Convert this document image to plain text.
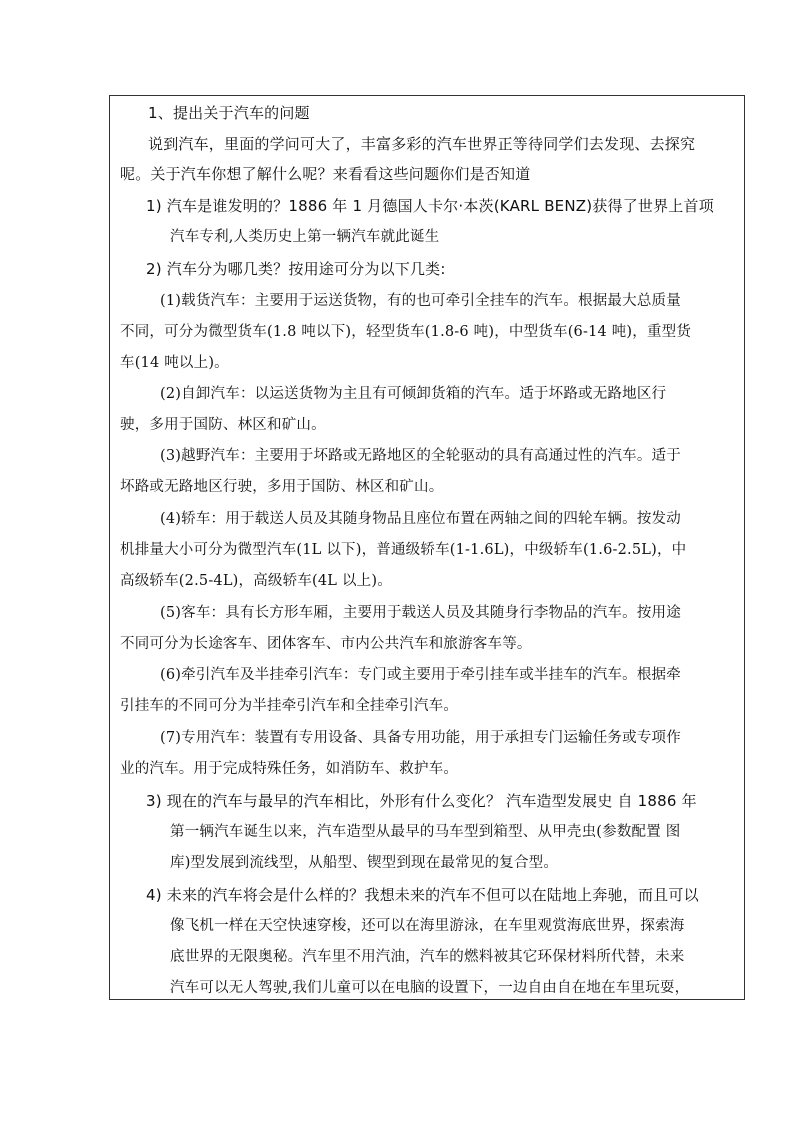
1、提出关于汽车的问题
说到汽车，里面的学问可大了，丰富多彩的汽车世界正等待同学们去发现、去探究
呢。关于汽车你想了解什么呢？来看看这些问题你们是否知道
1) 汽车是谁发明的？1886 年 1 月德国人卡尔·本茨(KARL BENZ)获得了世界上首项
汽车专利,人类历史上第一辆汽车就此诞生
2) 汽车分为哪几类？按用途可分为以下几类:
(1)载货汽车：主要用于运送货物，有的也可牵引全挂车的汽车。根据最大总质量
不同，可分为微型货车(1.8 吨以下)，轻型货车(1.8-6 吨)，中型货车(6-14 吨)，重型货
车(14 吨以上)。
(2)自卸汽车：以运送货物为主且有可倾卸货箱的汽车。适于坏路或无路地区行
驶，多用于国防、林区和矿山。
(3)越野汽车：主要用于坏路或无路地区的全轮驱动的具有高通过性的汽车。适于
坏路或无路地区行驶，多用于国防、林区和矿山。
(4)轿车：用于载送人员及其随身物品且座位布置在两轴之间的四轮车辆。按发动
机排量大小可分为微型汽车(1L 以下)，普通级轿车(1-1.6L)，中级轿车(1.6-2.5L)，中
高级轿车(2.5-4L)，高级轿车(4L 以上)。
(5)客车：具有长方形车厢，主要用于载送人员及其随身行李物品的汽车。按用途
不同可分为长途客车、团体客车、市内公共汽车和旅游客车等。
(6)牵引汽车及半挂牵引汽车：专门或主要用于牵引挂车或半挂车的汽车。根据牵
引挂车的不同可分为半挂牵引汽车和全挂牵引汽车。
(7)专用汽车：装置有专用设备、具备专用功能，用于承担专门运输任务或专项作
业的汽车。用于完成特殊任务，如消防车、救护车。
3) 现在的汽车与最早的汽车相比，外形有什么变化？ 汽车造型发展史 自 1886 年
第一辆汽车诞生以来，汽车造型从最早的马车型到箱型、从甲壳虫(参数配置 图
库)型发展到流线型，从船型、锲型到现在最常见的复合型。
4) 未来的汽车将会是什么样的？我想未来的汽车不但可以在陆地上奔驰，而且可以
像飞机一样在天空快速穿梭，还可以在海里游泳，在车里观赏海底世界，探索海
底世界的无限奥秘。汽车里不用汽油，汽车的燃料被其它环保材料所代替，未来
汽车可以无人驾驶,我们儿童可以在电脑的设置下，一边自由自在地在车里玩耍，
